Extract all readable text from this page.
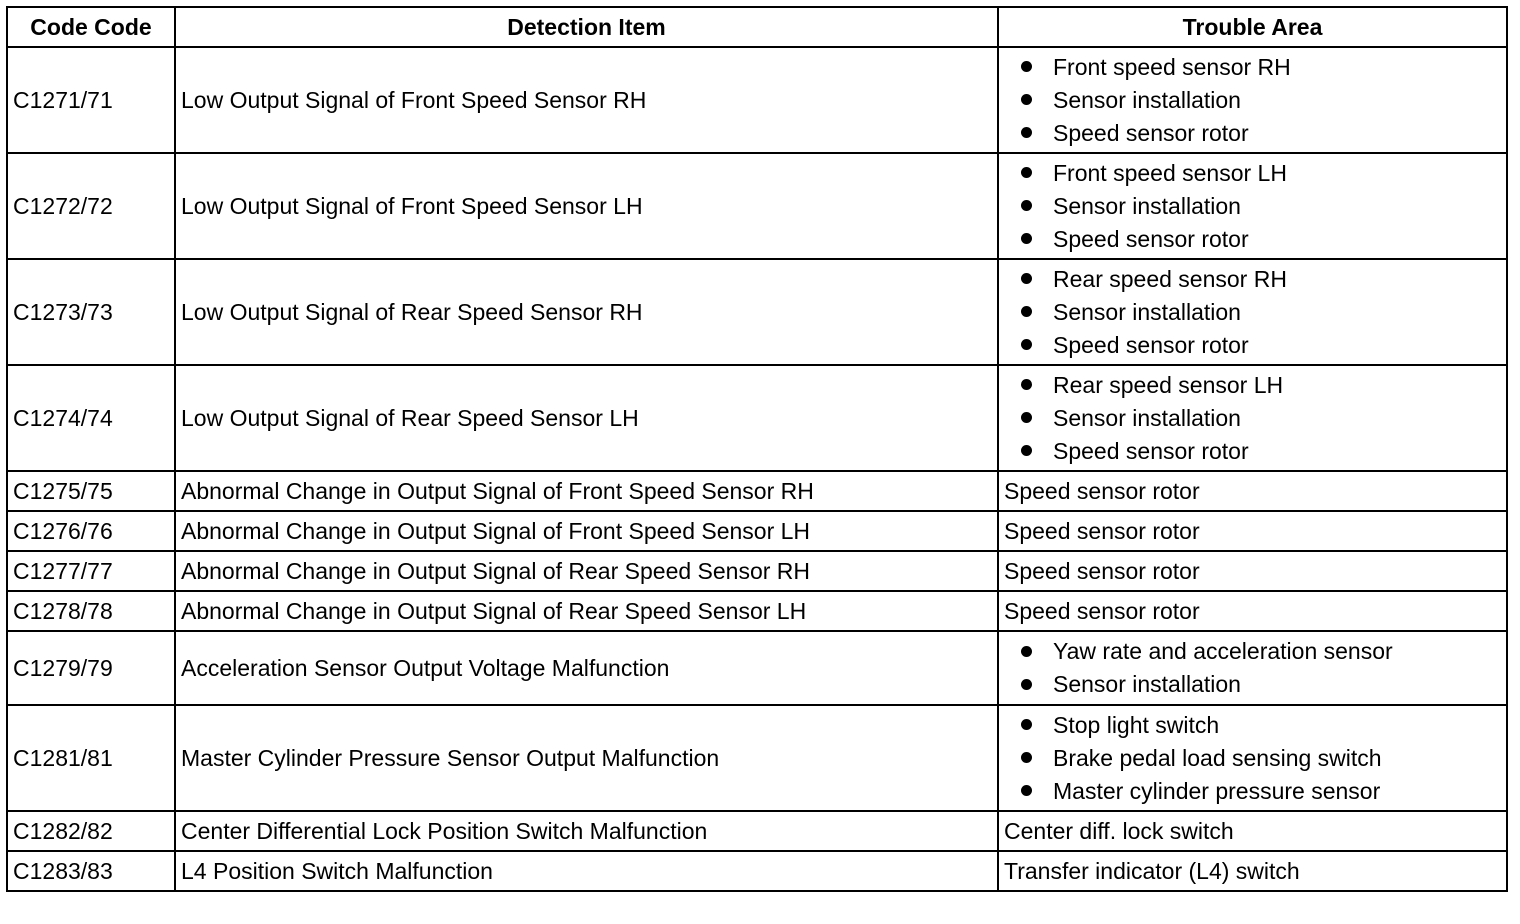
Code Code	Detection Item	Trouble Area
C1271/71	Low Output Signal of Front Speed Sensor RH	Front speed sensor RH
Sensor installation
Speed sensor rotor

C1272/72	Low Output Signal of Front Speed Sensor LH	Front speed sensor LH
Sensor installation
Speed sensor rotor

C1273/73	Low Output Signal of Rear Speed Sensor RH	Rear speed sensor RH
Sensor installation
Speed sensor rotor

C1274/74	Low Output Signal of Rear Speed Sensor LH	Rear speed sensor LH
Sensor installation
Speed sensor rotor

C1275/75	Abnormal Change in Output Signal of Front Speed Sensor RH	Speed sensor rotor
C1276/76	Abnormal Change in Output Signal of Front Speed Sensor LH	Speed sensor rotor
C1277/77	Abnormal Change in Output Signal of Rear Speed Sensor RH	Speed sensor rotor
C1278/78	Abnormal Change in Output Signal of Rear Speed Sensor LH	Speed sensor rotor
C1279/79	Acceleration Sensor Output Voltage Malfunction	Yaw rate and acceleration sensor
Sensor installation

C1281/81	Master Cylinder Pressure Sensor Output Malfunction	Stop light switch
Brake pedal load sensing switch
Master cylinder pressure sensor

C1282/82	Center Differential Lock Position Switch Malfunction	Center diff. lock switch
C1283/83	L4 Position Switch Malfunction	Transfer indicator (L4) switch
